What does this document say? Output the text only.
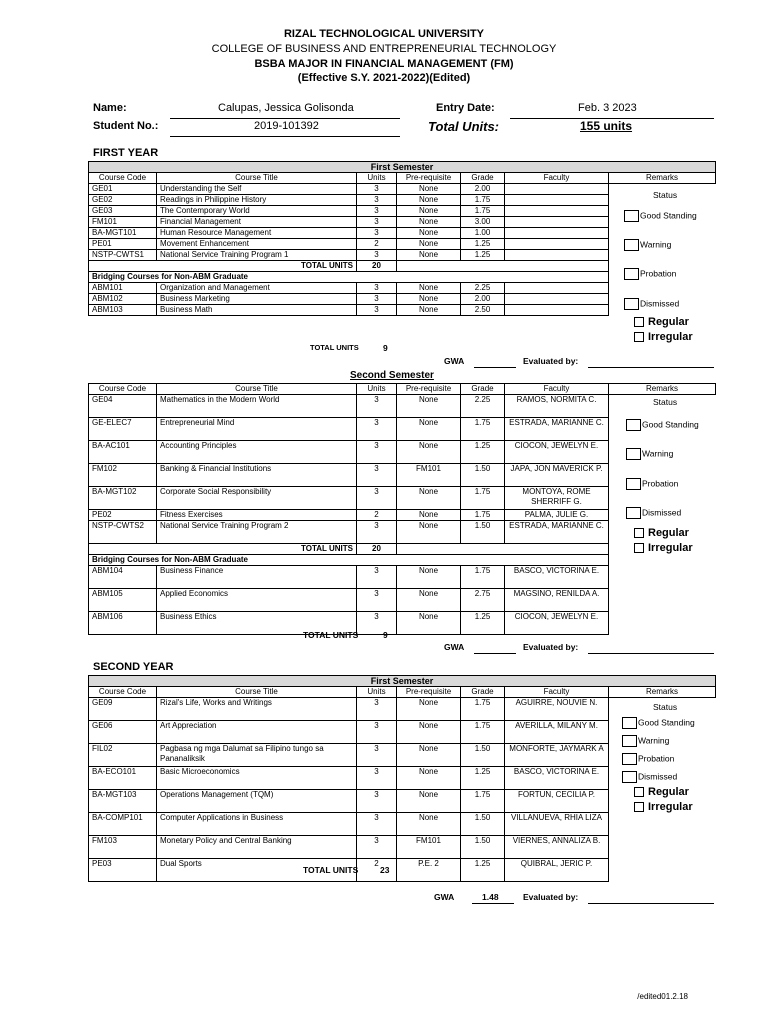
RIZAL TECHNOLOGICAL UNIVERSITY
COLLEGE OF BUSINESS AND ENTREPRENEURIAL TECHNOLOGY
BSBA MAJOR IN FINANCIAL MANAGEMENT (FM)
(Effective S.Y. 2021-2022)(Edited)
Name:	Calupas, Jessica Golisonda
Student No.:	2019-101392
Entry Date:	Feb. 3 2023
Total Units:	155 units
FIRST YEAR
First Semester						
Course Code	Course Title	Units	Pre-requisite	Grade	Faculty	Remarks
GE01	Understanding the Self	3	None	2.00		
GE02	Readings in Philippine History	3	None	1.75		
GE03	The Contemporary World	3	None	1.75		
FM101	Financial Management	3	None	3.00		
BA-MGT101	Human Resource Management	3	None	1.00		
PE01	Movement Enhancement	2	None	1.25		
NSTP-CWTS1	National Service Training Program 1	3	None	1.25		
TOTAL UNITS		20				
Bridging Courses for Non-ABM Graduate						
ABM101	Organization and Management	3	None	2.25		
ABM102	Business Marketing	3	None	2.00		
ABM103	Business Math	3	None	2.50		
Status
Good Standing
Warning
Probation
Dismissed
Regular
Irregular
TOTAL UNITS	9
GWA	Evaluated by:
Second Semester
Course Code	Course Title	Units	Pre-requisite	Grade	Faculty	Remarks
GE04	Mathematics in the Modern World	3	None	2.25	RAMOS, NORMITA C.	
GE-ELEC7	Entrepreneurial Mind	3	None	1.75	ESTRADA, MARIANNE C.	
BA-AC101	Accounting Principles	3	None	1.25	CIOCON, JEWELYN E.	
FM102	Banking & Financial Institutions	3	FM101	1.50	JAPA, JON MAVERICK P.	
BA-MGT102	Corporate Social Responsibility	3	None	1.75	MONTOYA, ROME SHERRIFF G.	
PE02	Fitness Exercises	2	None	1.75	PALMA, JULIE G.	
NSTP-CWTS2	National Service Training Program 2	3	None	1.50	ESTRADA, MARIANNE C.	
TOTAL UNITS		20				
Bridging Courses for Non-ABM Graduate						
ABM104	Business Finance	3	None	1.75	BASCO, VICTORINA E.	
ABM105	Applied Economics	3	None	2.75	MAGSINO, RENILDA A.	
ABM106	Business Ethics	3	None	1.25	CIOCON, JEWELYN E.	
Status
Good Standing
Warning
Probation
Dismissed
Regular
Irregular
TOTAL UNITS	9
GWA	Evaluated by:
SECOND YEAR
First Semester						
Course Code	Course Title	Units	Pre-requisite	Grade	Faculty	Remarks
GE09	Rizal's Life, Works and Writings	3	None	1.75	AGUIRRE, NOUVIE N.	
GE06	Art Appreciation	3	None	1.75	AVERILLA, MILANY M.	
FIL02	Pagbasa ng mga Dalumat sa Filipino tungo sa Pananaliksik	3	None	1.50	MONFORTE, JAYMARK A	
BA-ECO101	Basic Microeconomics	3	None	1.25	BASCO, VICTORINA E.	
BA-MGT103	Operations Management (TQM)	3	None	1.75	FORTUN, CECILIA P.	
BA-COMP101	Computer Applications in Business	3	None	1.50	VILLANUEVA, RHIA LIZA	
FM103	Monetary Policy and Central Banking	3	FM101	1.50	VIERNES, ANNALIZA B.	
PE03	Dual Sports	2	P.E. 2	1.25	QUIBRAL, JERIC P.	
Status
Good Standing
Warning
Probation
Dismissed
Regular
Irregular
TOTAL UNITS	23
GWA	1.48	Evaluated by:
/edited01.2.18
